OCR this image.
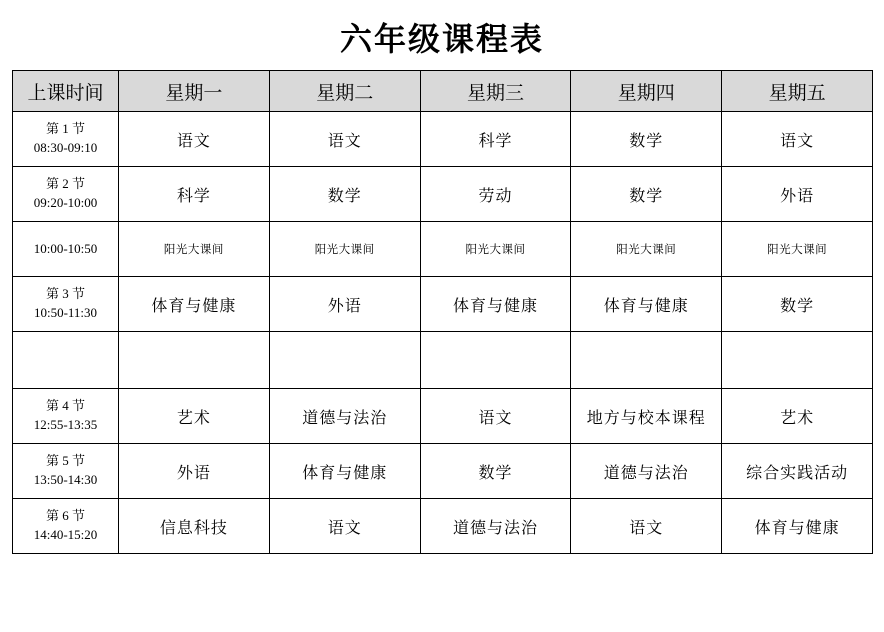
六年级课程表
上课时间	星期一	星期二	星期三	星期四	星期五

第 1 节
08:30-09:10	语文	语文	科学	数学	语文

第 2 节
09:20-10:00	科学	数学	劳动	数学	外语

10:00-10:50	阳光大课间	阳光大课间	阳光大课间	阳光大课间	阳光大课间

第 3 节
10:50-11:30	体育与健康	外语	体育与健康	体育与健康	数学

第 4 节
12:55-13:35	艺术	道德与法治	语文	地方与校本课程	艺术

第 5 节
13:50-14:30	外语	体育与健康	数学	道德与法治	综合实践活动

第 6 节
14:40-15:20	信息科技	语文	道德与法治	语文	体育与健康
